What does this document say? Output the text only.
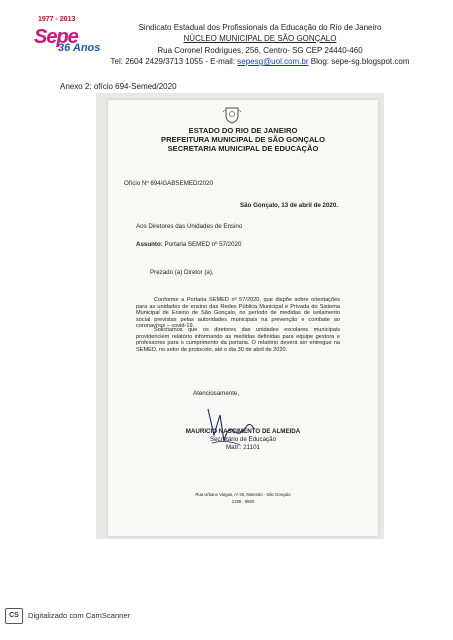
1977 - 2013
Sepe
36 Anos
Sindicato Estadual dos Profissionais da Educação do Rio de Janeiro
NÚCLEO MUNICIPAL DE SÃO GONÇALO
Rua Coronel Rodrigues, 256, Centro- SG CEP 24440-460
Tel: 2604 2429/3713 1055 - E-mail: sepesg@uol.com.br Blog: sepe-sg.blogspot.com
Anexo 2: ofício 694-Semed/2020
ESTADO DO RIO DE JANEIRO
PREFEITURA MUNICIPAL DE SÃO GONÇALO
SECRETARIA MUNICIPAL DE EDUCAÇÃO
Ofício Nº 694/GABSEMED/2020
São Gonçalo, 13 de abril de 2020.
Aos Diretores das Unidades de Ensino
Assunto: Portaria SEMED nº 57/2020
Prezado (a) Diretor (a),
Conforme a Portaria SEMED nº 57/2020, que dispõe sobre orientações para as unidades de ensino das Redes Pública Municipal e Privada do Sistema Municipal de Ensino de São Gonçalo, no período de medidas de isolamento social previstas pelas autoridades municipais na prevenção e combate ao coronavírus – covid-19.
Solicitamos que os diretores das unidades escolares municipais providenciem relatório informando as medidas definidas para equipe gestora e professores para o cumprimento da portaria. O relatório deverá ser entregue na SEMED, no setor de protocolo, até o dia 30 de abril de 2020.
Atenciosamente,
MAURICIO NASCIMENTO DE ALMEIDA
Secretário de Educação
Matr.: 21101
Rua Urbano Vargas, nº 36, Mutondo - São Gonçalo
2199 - 6500
CS	Digitalizado com CamScanner
